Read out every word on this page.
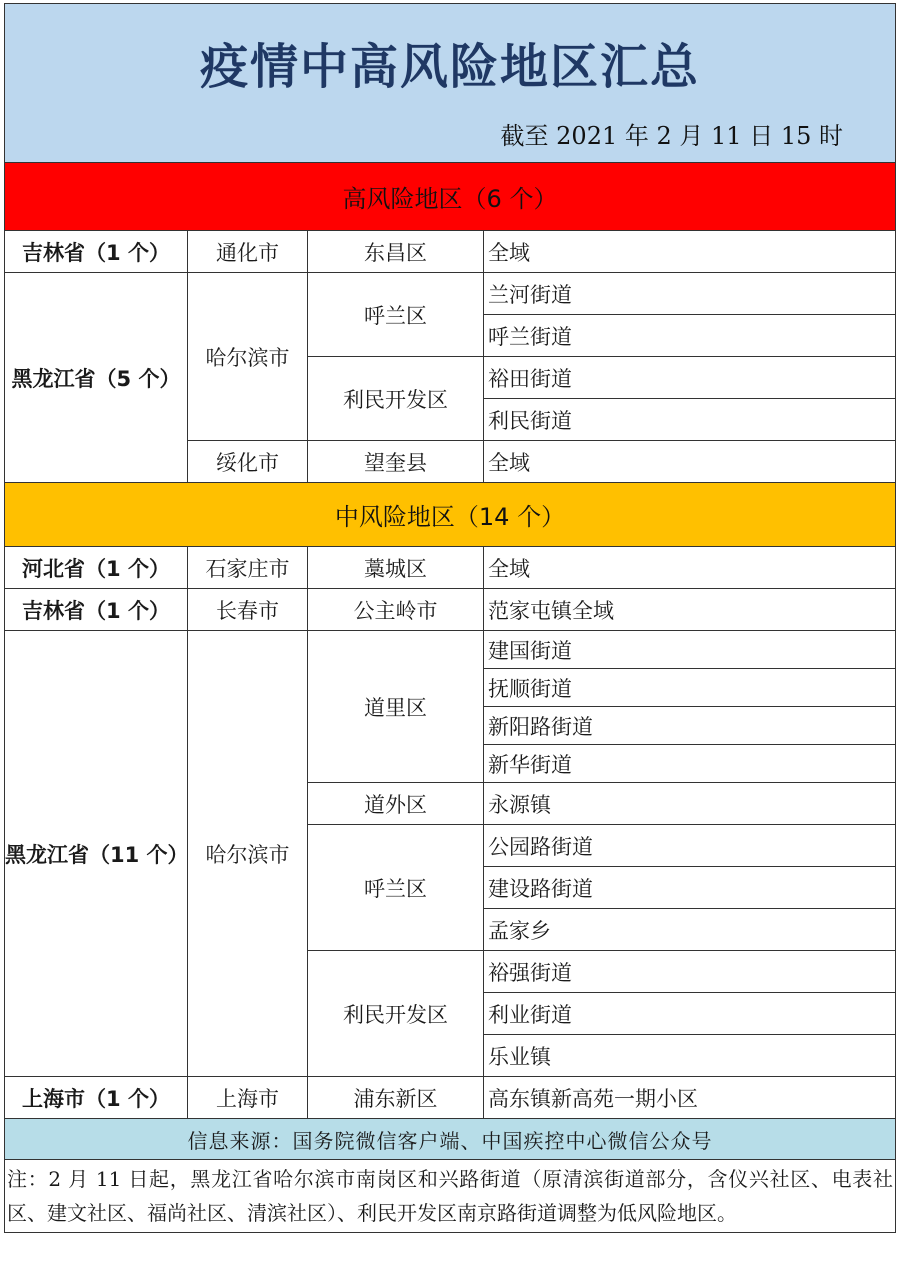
疫情中高风险地区汇总
截至 2021 年 2 月 11 日 15 时
高风险地区（6 个）			
吉林省（1 个）	通化市	东昌区	全域
黑龙江省（5 个）	哈尔滨市	呼兰区	兰河街道
			呼兰街道
		利民开发区	裕田街道
			利民街道
	绥化市	望奎县	全域
中风险地区（14 个）			
河北省（1 个）	石家庄市	藁城区	全域
吉林省（1 个）	长春市	公主岭市	范家屯镇全域
黑龙江省（11 个）	哈尔滨市	道里区	建国街道
			抚顺街道
			新阳路街道
			新华街道
		道外区	永源镇
		呼兰区	公园路街道
			建设路街道
			孟家乡
		利民开发区	裕强街道
			利业街道
			乐业镇
上海市（1 个）	上海市	浦东新区	高东镇新高苑一期小区
信息来源：国务院微信客户端、中国疾控中心微信公众号			
注：2 月 11 日起，黑龙江省哈尔滨市南岗区和兴路街道（原清滨街道部分，含仪兴社区、电表社区、建文社区、福尚社区、清滨社区）、利民开发区南京路街道调整为低风险地区。			
